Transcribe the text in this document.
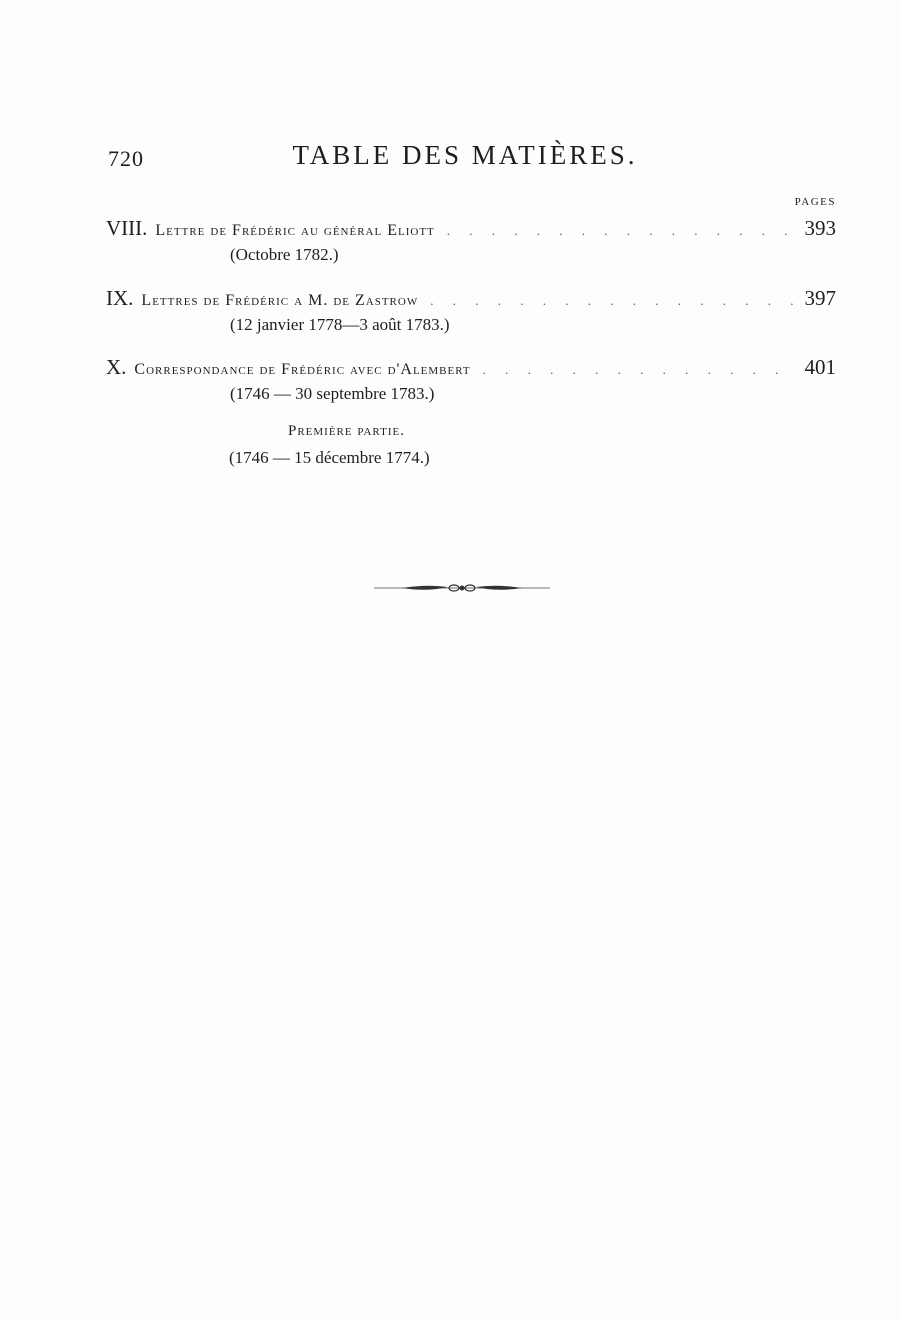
720	TABLE DES MATIÈRES.
PAGES
VIII. Lettre de Frédéric au général Eliott . . .	393
(Octobre 1782.)
IX. Lettres de Frédéric a M. de Zastrow . . .	397
(12 janvier 1778—3 août 1783.)
X. Correspondance de Frédéric avec d'Alembert . . .	401
(1746 — 30 septembre 1783.)
Première partie.
(1746 — 15 décembre 1774.)
